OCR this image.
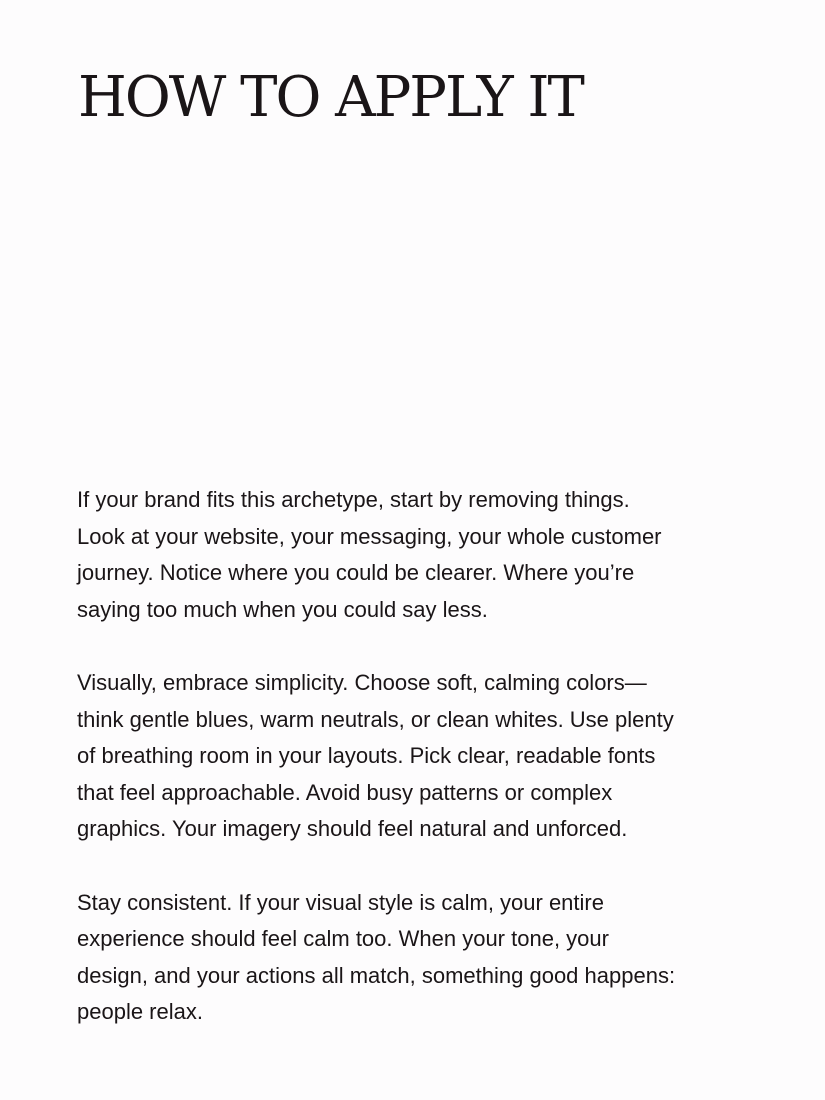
HOW TO APPLY IT

If your brand fits this archetype, start by removing things.
Look at your website, your messaging, your whole customer
journey. Notice where you could be clearer. Where you’re
saying too much when you could say less.

Visually, embrace simplicity. Choose soft, calming colors—
think gentle blues, warm neutrals, or clean whites. Use plenty
of breathing room in your layouts. Pick clear, readable fonts
that feel approachable. Avoid busy patterns or complex
graphics. Your imagery should feel natural and unforced.

Stay consistent. If your visual style is calm, your entire
experience should feel calm too. When your tone, your
design, and your actions all match, something good happens:
people relax.
